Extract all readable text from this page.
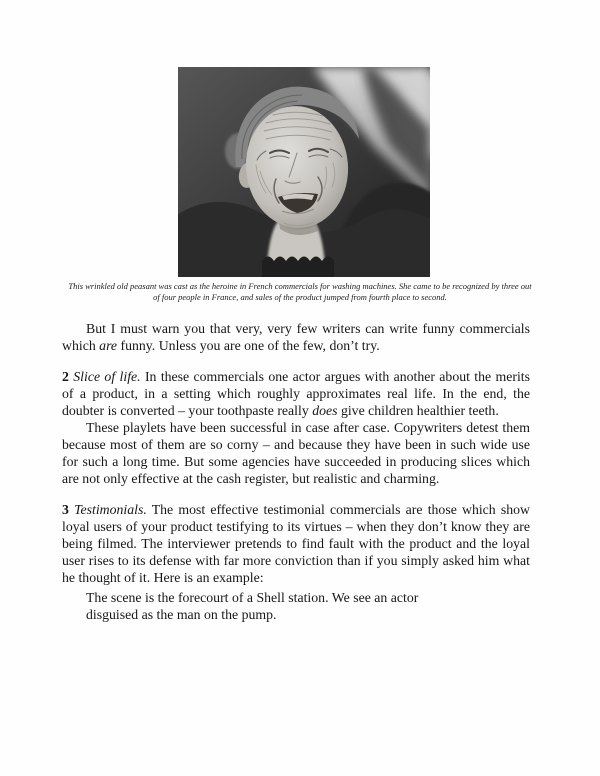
This wrinkled old peasant was cast as the heroine in French commercials for washing machines. She came to be recognized by three out of four people in France, and sales of the product jumped from fourth place to second.

But I must warn you that very, very few writers can write funny commercials which are funny. Unless you are one of the few, don’t try.

2 Slice of life. In these commercials one actor argues with another about the merits of a product, in a setting which roughly approximates real life. In the end, the doubter is converted – your toothpaste really does give children healthier teeth.

These playlets have been successful in case after case. Copywriters detest them because most of them are so corny – and because they have been in such wide use for such a long time. But some agencies have succeeded in producing slices which are not only effective at the cash register, but realistic and charming.

3 Testimonials. The most effective testimonial commercials are those which show loyal users of your product testifying to its virtues – when they don’t know they are being filmed. The interviewer pretends to find fault with the product and the loyal user rises to its defense with far more conviction than if you simply asked him what he thought of it. Here is an example:

The scene is the forecourt of a Shell station. We see an actor disguised as the man on the pump.
